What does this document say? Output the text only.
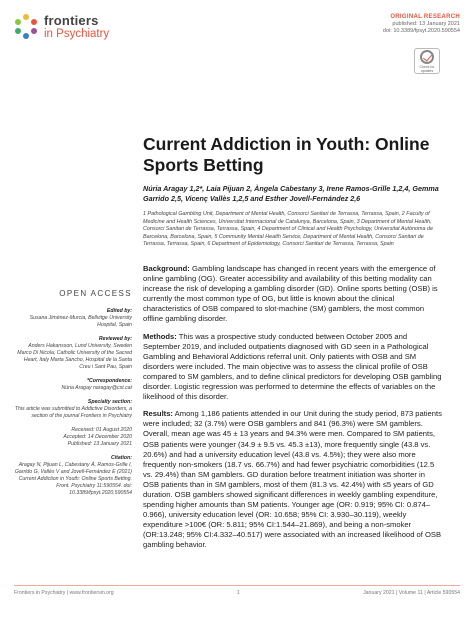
frontiers
in Psychiatry
ORIGINAL RESEARCH
published: 13 January 2021
doi: 10.3389/fpsyt.2020.590554
Check for
updates
Current Addiction in Youth: Online Sports Betting
Núria Aragay 1,2*, Laia Pijuan 2, Àngela Cabestany 3, Irene Ramos-Grille 1,2,4, Gemma Garrido 2,5, Vicenç Vallès 1,2,5 and Esther Jovell-Fernández 2,6
1 Pathological Gambling Unit, Department of Mental Health, Consorci Sanitari de Terrassa, Terrassa, Spain, 2 Faculty of Medicine and Health Sciences, Universitat Internacional de Catalunya, Barcelona, Spain, 3 Department of Mental Health, Consorci Sanitari de Terrassa, Terrassa, Spain, 4 Department of Clinical and Health Psychology, Universitat Autònoma de Barcelona, Barcelona, Spain, 5 Community Mental Health Service, Department of Mental Health, Consorci Sanitari de Terrassa, Terrassa, Spain, 6 Department of Epidemiology, Consorci Sanitari de Terrassa, Terrassa, Spain
OPEN ACCESS
Edited by:
Susana Jiménez-Murcia, Bellvitge University Hospital, Spain
Reviewed by:
Anders Hakansson, Lund University, Sweden Marco Di Nicola, Catholic University of the Sacred Heart, Italy Marta Sancho, Hospital de la Santa Creu i Sant Pau, Spain
*Correspondence:
Núria Aragay naragay@cst.cat
Specialty section:
This article was submitted to Addictive Disorders, a section of the journal Frontiers in Psychiatry
Received: 01 August 2020
Accepted: 14 December 2020
Published: 13 January 2021
Citation:
Aragay N, Pijuan L, Cabestany À, Ramos-Grille I, Garrido G, Vallès V and Jovell-Fernández E (2021) Current Addiction in Youth: Online Sports Betting. Front. Psychiatry 11:590554. doi: 10.3389/fpsyt.2020.590554

Background: Gambling landscape has changed in recent years with the emergence of online gambling (OG). Greater accessibility and availability of this betting modality can increase the risk of developing a gambling disorder (GD). Online sports betting (OSB) is currently the most common type of OG, but little is known about the clinical characteristics of OSB compared to slot-machine (SM) gamblers, the most common offline gambling disorder.

Methods: This was a prospective study conducted between October 2005 and September 2019, and included outpatients diagnosed with GD seen in a Pathological Gambling and Behavioral Addictions referral unit. Only patients with OSB and SM disorders were included. The main objective was to assess the clinical profile of OSB compared to SM gamblers, and to define clinical predictors for developing OSB gambling disorder. Logistic regression was performed to determine the effects of variables on the likelihood of this disorder.

Results: Among 1,186 patients attended in our Unit during the study period, 873 patients were included; 32 (3.7%) were OSB gamblers and 841 (96.3%) were SM gamblers. Overall, mean age was 45 ± 13 years and 94.3% were men. Compared to SM patients, OSB patients were younger (34.9 ± 9.5 vs. 45.3 ±13), more frequently single (43.8 vs. 20.6%) and had a university education level (43.8 vs. 4.5%); they were also more frequently non-smokers (18.7 vs. 66.7%) and had fewer psychiatric comorbidities (12.5 vs. 29.4%) than SM gamblers. GD duration before treatment initiation was shorter in OSB patients than in SM gamblers, most of them (81.3 vs. 42.4%) with ≤5 years of GD duration. OSB gamblers showed significant differences in weekly gambling expenditure, spending higher amounts than SM patients. Younger age (OR: 0.919; 95% CI: 0.874–0.966), university education level (OR: 10.658; 95% CI: 3.930–30.119), weekly expenditure >100€ (OR: 5.811; 95% CI:1.544–21.869), and being a non-smoker (OR:13.248; 95% CI:4.332–40.517) were associated with an increased likelihood of OSB gambling behavior.

Frontiers in Psychiatry | www.frontiersin.org	1	January 2021 | Volume 11 | Article 590554
